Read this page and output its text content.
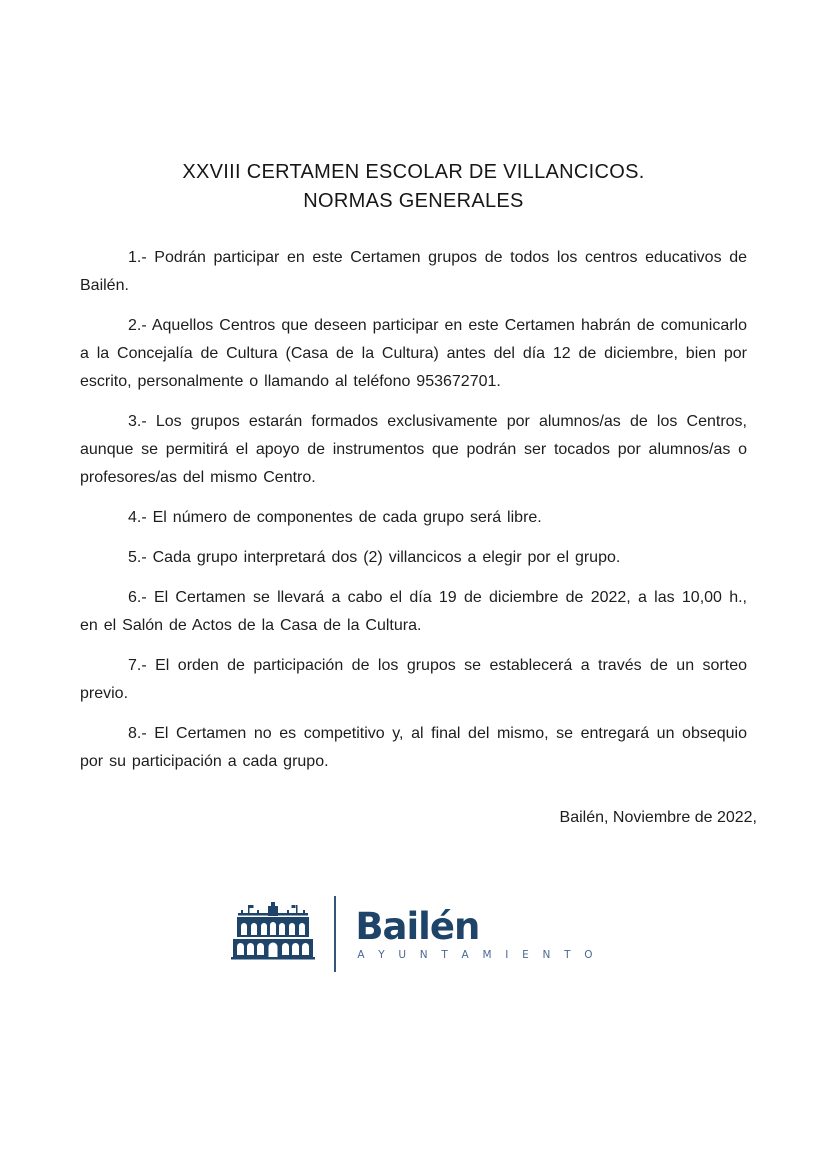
XXVIII CERTAMEN ESCOLAR DE VILLANCICOS.
NORMAS GENERALES

1.- Podrán participar en este Certamen grupos de todos los centros educativos de Bailén.

2.- Aquellos Centros que deseen participar en este Certamen habrán de comunicarlo a la Concejalía de Cultura (Casa de la Cultura) antes del día 12 de diciembre, bien por escrito, personalmente o llamando al teléfono 953672701.

3.- Los grupos estarán formados exclusivamente por alumnos/as de los Centros, aunque se permitirá el apoyo de instrumentos que podrán ser tocados por alumnos/as o profesores/as del mismo Centro.

4.- El número de componentes de cada grupo será libre.

5.- Cada grupo interpretará dos (2) villancicos a elegir por el grupo.

6.- El Certamen se llevará a cabo el día 19 de diciembre de 2022, a las 10,00 h., en el Salón de Actos de la Casa de la Cultura.

7.- El orden de participación de los grupos se establecerá a través de un sorteo previo.

8.- El Certamen no es competitivo y, al final del mismo, se entregará un obsequio por su participación a cada grupo.

Bailén, Noviembre de 2022,
Bailén
A Y U N T A M I E N T O
